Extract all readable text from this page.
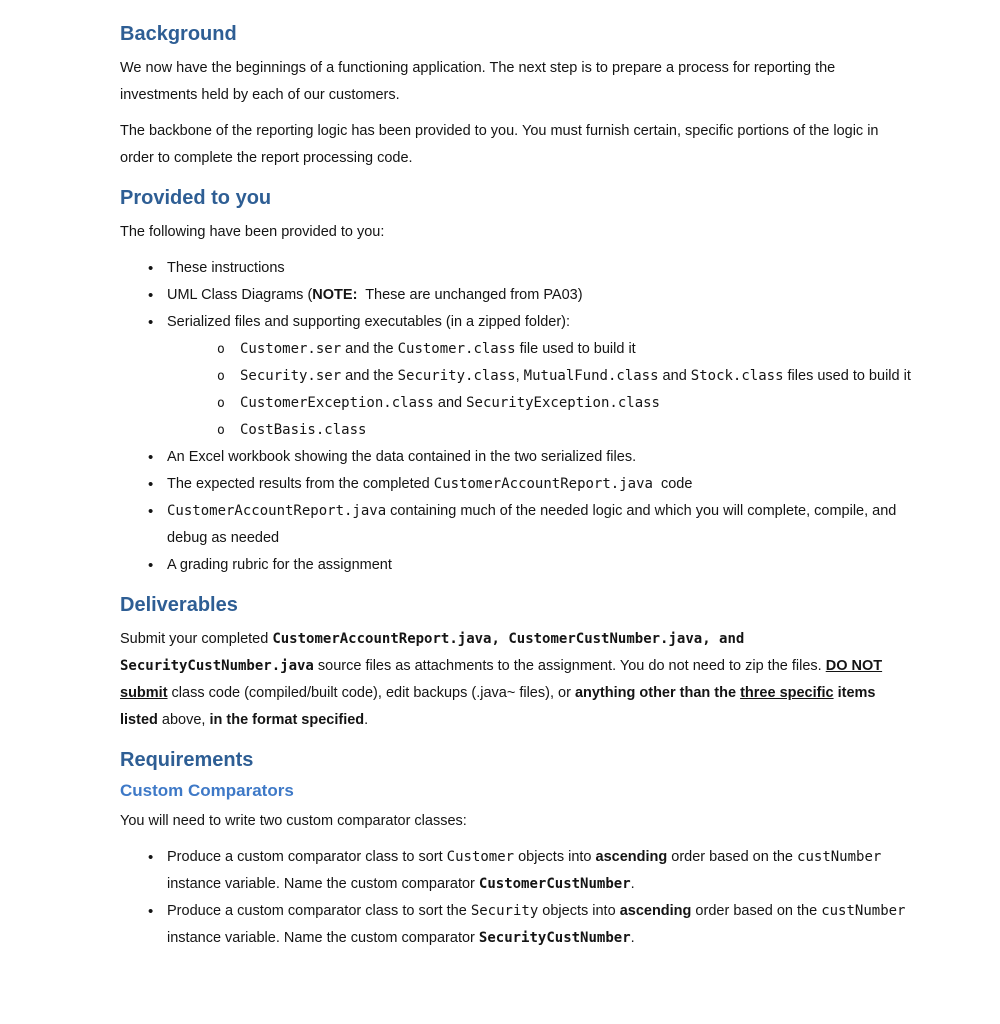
Background

We now have the beginnings of a functioning application. The next step is to prepare a process for reporting the investments held by each of our customers.

The backbone of the reporting logic has been provided to you. You must furnish certain, specific portions of the logic in order to complete the report processing code.

Provided to you

The following have been provided to you:

• These instructions
• UML Class Diagrams (NOTE:  These are unchanged from PA03)
• Serialized files and supporting executables (in a zipped folder):
o Customer.ser and the Customer.class file used to build it
o Security.ser and the Security.class, MutualFund.class and Stock.class files used to build it
o CustomerException.class and SecurityException.class
o CostBasis.class
• An Excel workbook showing the data contained in the two serialized files.
• The expected results from the completed CustomerAccountReport.java  code
• CustomerAccountReport.java containing much of the needed logic and which you will complete, compile, and debug as needed
• A grading rubric for the assignment
Deliverables

Submit your completed CustomerAccountReport.java, CustomerCustNumber.java, and SecurityCustNumber.java source files as attachments to the assignment. You do not need to zip the files. DO NOT submit class code (compiled/built code), edit backups (.java~ files), or anything other than the three specific items listed above, in the format specified.

Requirements
Custom Comparators

You will need to write two custom comparator classes:

• Produce a custom comparator class to sort Customer objects into ascending order based on the custNumber instance variable. Name the custom comparator CustomerCustNumber.
• Produce a custom comparator class to sort the Security objects into ascending order based on the custNumber instance variable. Name the custom comparator SecurityCustNumber.
